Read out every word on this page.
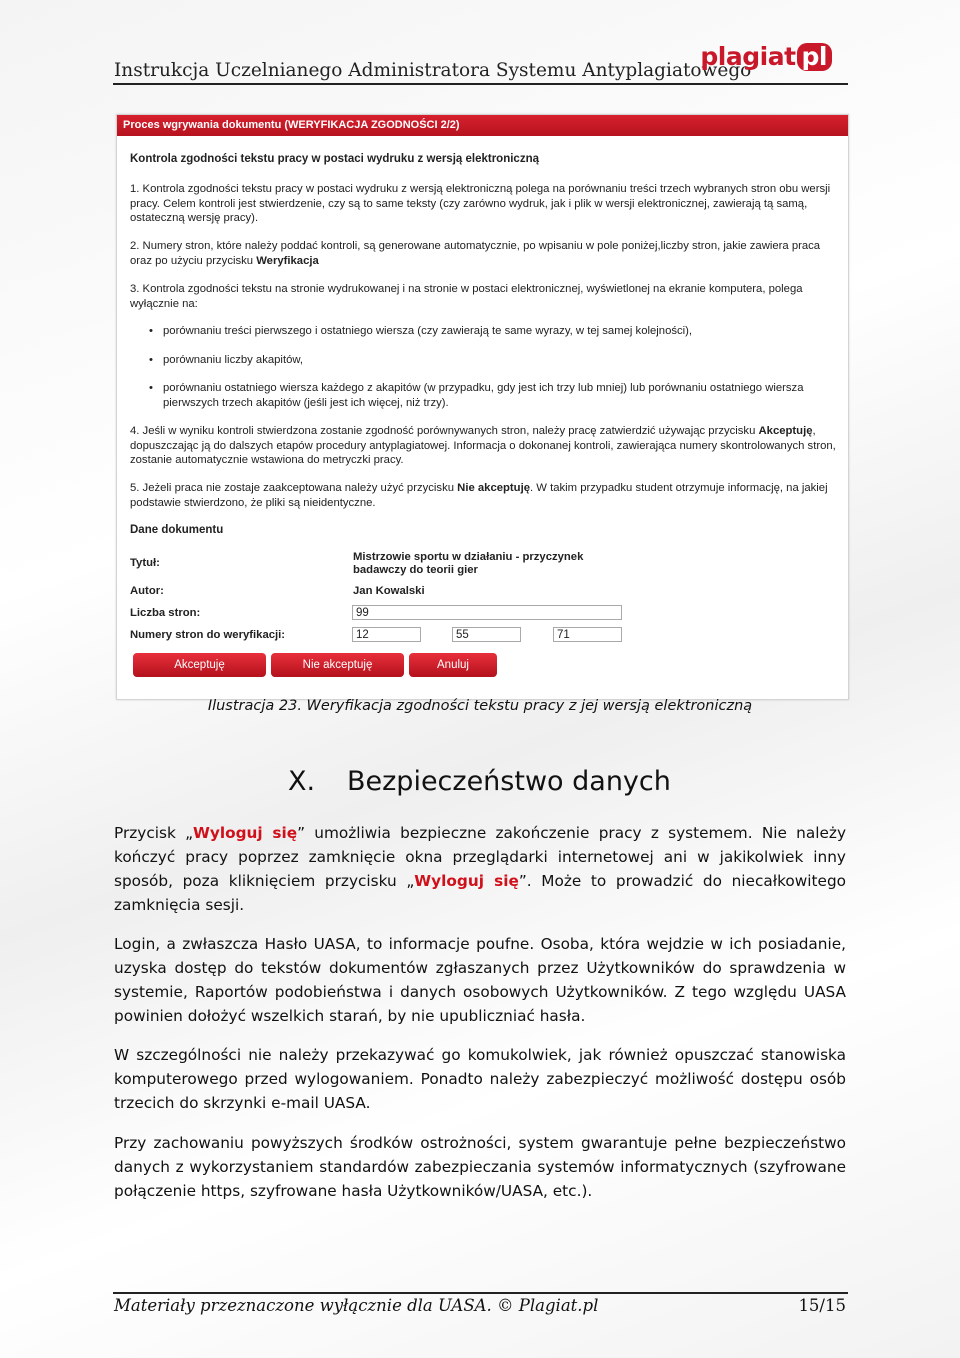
Instrukcja Uczelnianego Administratora Systemu Antyplagiatowego
plagiat pl
Proces wgrywania dokumentu (WERYFIKACJA ZGODNOŚCI 2/2)
Kontrola zgodności tekstu pracy w postaci wydruku z wersją elektroniczną
1. Kontrola zgodności tekstu pracy w postaci wydruku z wersją elektroniczną polega na porównaniu treści trzech wybranych stron obu wersji pracy. Celem kontroli jest stwierdzenie, czy są to same teksty (czy zarówno wydruk, jak i plik w wersji elektronicznej, zawierają tą samą, ostateczną wersję pracy).
2. Numery stron, które należy poddać kontroli, są generowane automatycznie, po wpisaniu w pole poniżej,liczby stron, jakie zawiera praca oraz po użyciu przycisku Weryfikacja
3. Kontrola zgodności tekstu na stronie wydrukowanej i na stronie w postaci elektronicznej, wyświetlonej na ekranie komputera, polega wyłącznie na:
• porównaniu treści pierwszego i ostatniego wiersza (czy zawierają te same wyrazy, w tej samej kolejności),
• porównaniu liczby akapitów,
• porównaniu ostatniego wiersza każdego z akapitów (w przypadku, gdy jest ich trzy lub mniej) lub porównaniu ostatniego wiersza pierwszych trzech akapitów (jeśli jest ich więcej, niż trzy).
4. Jeśli w wyniku kontroli stwierdzona zostanie zgodność porównywanych stron, należy pracę zatwierdzić używając przycisku Akceptuję, dopuszczając ją do dalszych etapów procedury antyplagiatowej. Informacja o dokonanej kontroli, zawierająca numery skontrolowanych stron, zostanie automatycznie wstawiona do metryczki pracy.
5. Jeżeli praca nie zostaje zaakceptowana należy użyć przycisku Nie akceptuję. W takim przypadku student otrzymuje informację, na jakiej podstawie stwierdzono, że pliki są nieidentyczne.
Dane dokumentu
Tytuł:	Mistrzowie sportu w działaniu - przyczynek badawczy do teorii gier
Autor:	Jan Kowalski
Liczba stron:	99
Numery stron do weryfikacji:	12	55	71
Akceptuję	Nie akceptuję	Anuluj
Ilustracja 23. Weryfikacja zgodności tekstu pracy z jej wersją elektroniczną
X. Bezpieczeństwo danych

Przycisk „Wyloguj się” umożliwia bezpieczne zakończenie pracy z systemem. Nie należy kończyć pracy poprzez zamknięcie okna przeglądarki internetowej ani w jakikolwiek inny sposób, poza kliknięciem przycisku „Wyloguj się”. Może to prowadzić do niecałkowitego zamknięcia sesji.

Login, a zwłaszcza Hasło UASA, to informacje poufne. Osoba, która wejdzie w ich posiadanie, uzyska dostęp do tekstów dokumentów zgłaszanych przez Użytkowników do sprawdzenia w systemie, Raportów podobieństwa i danych osobowych Użytkowników. Z tego względu UASA powinien dołożyć wszelkich starań, by nie upubliczniać hasła.

W szczególności nie należy przekazywać go komukolwiek, jak również opuszczać stanowiska komputerowego przed wylogowaniem. Ponadto należy zabezpieczyć możliwość dostępu osób trzecich do skrzynki e-mail UASA.

Przy zachowaniu powyższych środków ostrożności, system gwarantuje pełne bezpieczeństwo danych z wykorzystaniem standardów zabezpieczania systemów informatycznych (szyfrowane połączenie https, szyfrowane hasła Użytkowników/UASA, etc.).

Materiały przeznaczone wyłącznie dla UASA. © Plagiat.pl	15/15
